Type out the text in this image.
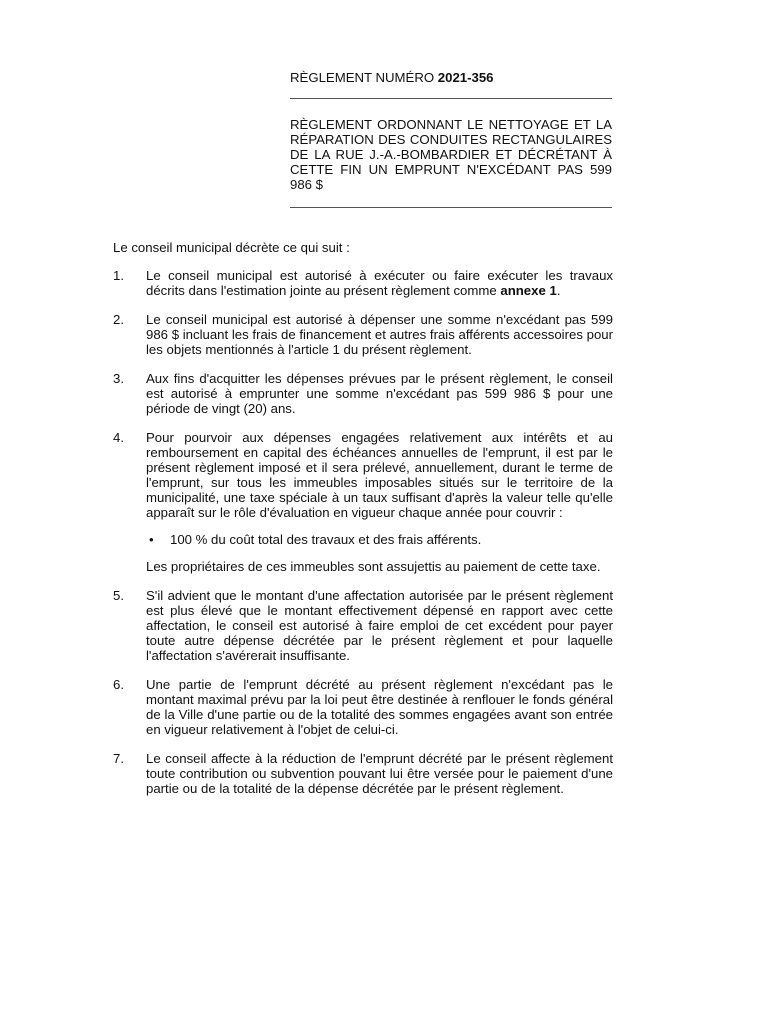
RÈGLEMENT NUMÉRO 2021-356

RÈGLEMENT ORDONNANT LE NETTOYAGE ET LA RÉPARATION DES CONDUITES RECTANGULAIRES DE LA RUE J.-A.-BOMBARDIER ET DÉCRÉTANT À CETTE FIN UN EMPRUNT N'EXCÉDANT PAS 599 986 $

Le conseil municipal décrète ce qui suit :

1. Le conseil municipal est autorisé à exécuter ou faire exécuter les travaux décrits dans l'estimation jointe au présent règlement comme annexe 1.

2. Le conseil municipal est autorisé à dépenser une somme n'excédant pas 599 986 $ incluant les frais de financement et autres frais afférents accessoires pour les objets mentionnés à l'article 1 du présent règlement.

3. Aux fins d'acquitter les dépenses prévues par le présent règlement, le conseil est autorisé à emprunter une somme n'excédant pas 599 986 $ pour une période de vingt (20) ans.

4. Pour pourvoir aux dépenses engagées relativement aux intérêts et au remboursement en capital des échéances annuelles de l'emprunt, il est par le présent règlement imposé et il sera prélevé, annuellement, durant le terme de l'emprunt, sur tous les immeubles imposables situés sur le territoire de la municipalité, une taxe spéciale à un taux suffisant d'après la valeur telle qu'elle apparaît sur le rôle d'évaluation en vigueur chaque année pour couvrir :

• 100 % du coût total des travaux et des frais afférents.

Les propriétaires de ces immeubles sont assujettis au paiement de cette taxe.

5. S'il advient que le montant d'une affectation autorisée par le présent règlement est plus élevé que le montant effectivement dépensé en rapport avec cette affectation, le conseil est autorisé à faire emploi de cet excédent pour payer toute autre dépense décrétée par le présent règlement et pour laquelle l'affectation s'avérerait insuffisante.

6. Une partie de l'emprunt décrété au présent règlement n'excédant pas le montant maximal prévu par la loi peut être destinée à renflouer le fonds général de la Ville d'une partie ou de la totalité des sommes engagées avant son entrée en vigueur relativement à l'objet de celui-ci.

7. Le conseil affecte à la réduction de l'emprunt décrété par le présent règlement toute contribution ou subvention pouvant lui être versée pour le paiement d'une partie ou de la totalité de la dépense décrétée par le présent règlement.
